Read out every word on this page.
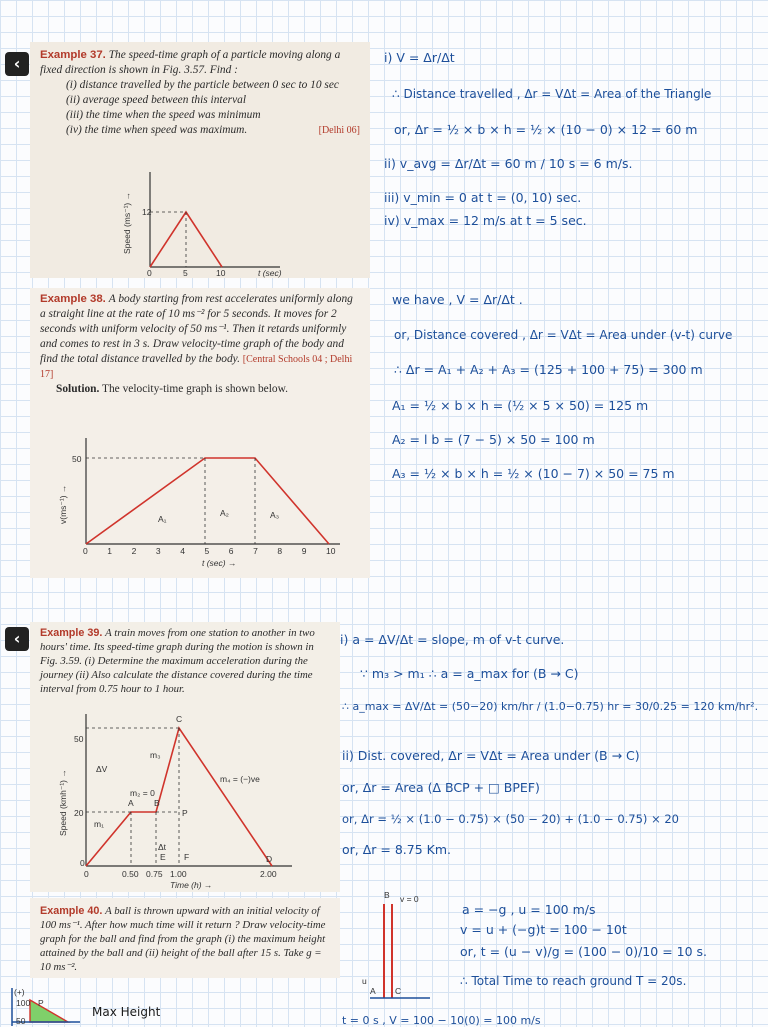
‹	Example 37. The speed-time graph of a particle moving along a fixed direction is shown in Fig. 3.57. Find :
(i) distance travelled by the particle between 0 sec to 10 sec
(ii) average speed between this interval
(iii) the time when the speed was minimum
(iv) the time when speed was maximum.	[Delhi 06]
12
0	5	10	t (sec)
Speed (ms⁻¹) →
i) V = Δr/Δt
∴ Distance travelled , Δr = VΔt = Area of the Triangle
or, Δr = ½ × b × h = ½ × (10 − 0) × 12 = 60 m
ii) v_avg = Δr/Δt = 60 m / 10 s = 6 m/s.
iii) v_min = 0 at t = (0, 10) sec.
iv) v_max = 12 m/s at t = 5 sec.
Example 38. A body starting from rest accelerates uniformly along a straight line at the rate of 10 ms⁻² for 5 seconds. It moves for 2 seconds with uniform velocity of 50 ms⁻¹. Then it retards uniformly and comes to rest in 3 s. Draw velocity-time graph of the body and find the total distance travelled by the body. [Central Schools 04 ; Delhi 17]
Solution. The velocity-time graph is shown below.
50
A₁
A₂	A₃
0 1 2 3 4 5 6 7 8 9 10
t (sec) →
v(ms⁻¹) →
we have , V = Δr/Δt .
or, Distance covered , Δr = VΔt = Area under (v-t) curve
∴ Δr = A₁ + A₂ + A₃ = (125 + 100 + 75) = 300 m
A₁ = ½ × b × h = (½ × 5 × 50) = 125 m
A₂ = l b = (7 − 5) × 50 = 100 m
A₃ = ½ × b × h = ½ × (10 − 7) × 50 = 75 m
‹	Example 39. A train moves from one station to another in two hours' time. Its speed-time graph during the motion is shown in Fig. 3.59. (i) Determine the maximum acceleration during the journey (ii) Also calculate the distance covered during the time interval from 0.75 hour to 1 hour.
50
20
0
0	0.50 0.75 1.00	2.00
A B
C
D
E F
P
m₁
m₃
m₄ = (−)ve
m₂ = 0
ΔV
Δt
Time (h) →
Speed (kmh⁻¹) →
i) a = ΔV/Δt = slope, m of v-t curve.
∵ m₃ > m₁ ∴ a = a_max for (B → C)
∴ a_max = ΔV/Δt = (50−20) km/hr / (1.0−0.75) hr = 30/0.25 = 120 km/hr².
ii) Dist. covered, Δr = VΔt = Area under (B → C)
or, Δr = Area (Δ BCP + □ BPEF)
or, Δr = ½ × (1.0 − 0.75) × (50 − 20) + (1.0 − 0.75) × 20
or, Δr = 8.75 Km.
Example 40. A ball is thrown upward with an initial velocity of 100 ms⁻¹. After how much time will it return ? Draw velocity-time graph for the ball and find from the graph (i) the maximum height attained by the ball and (ii) height of the ball after 15 s. Take g = 10 ms⁻².
(+)
100
50
P
Max Height
B v = 0
A C
u
a = −g , u = 100 m/s
v = u + (−g)t = 100 − 10t
or, t = (u − v)/g = (100 − 0)/10 = 10 s.
∴ Total Time to reach ground T = 20s.
t = 0 s , V = 100 − 10(0) = 100 m/s
